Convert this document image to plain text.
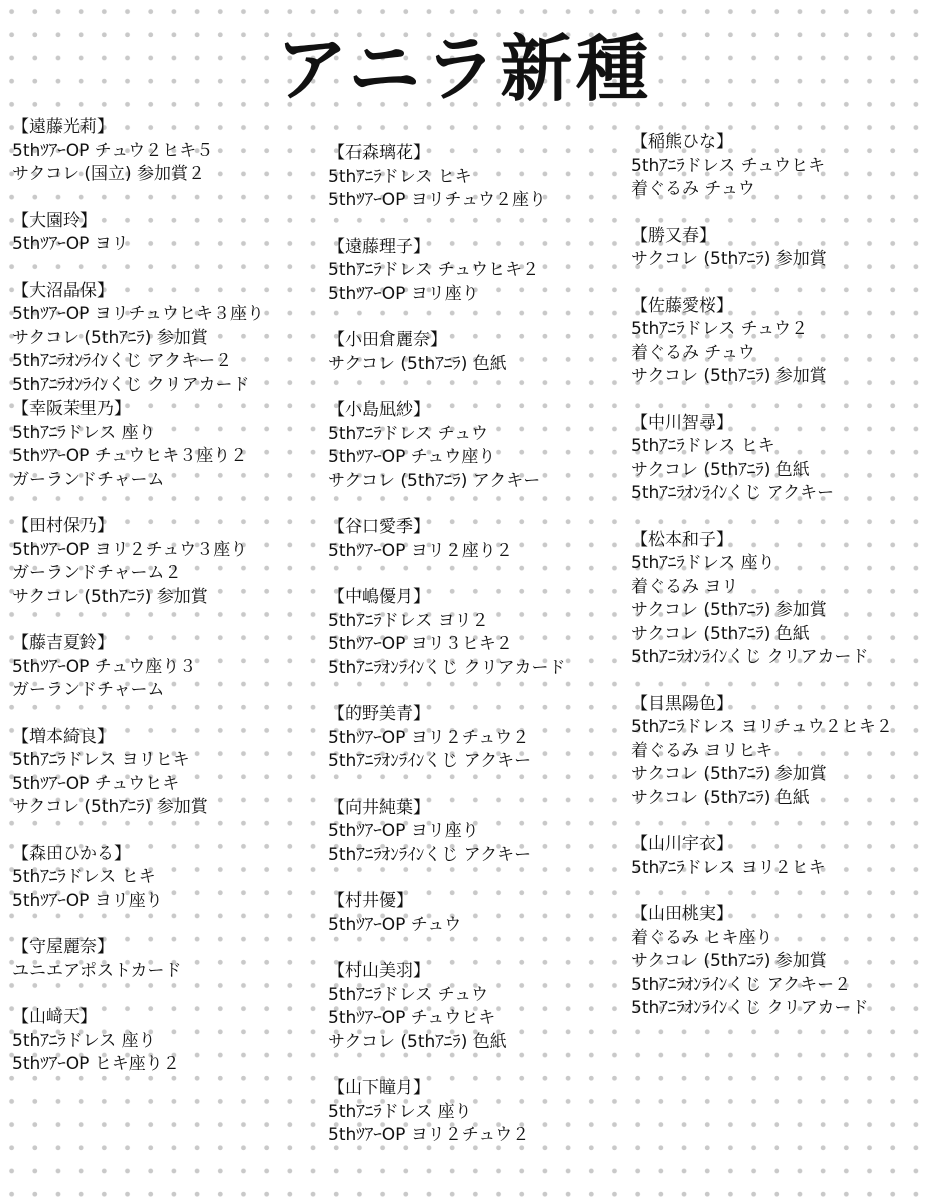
アニラ新種
【遠藤光莉】
5thﾂｱｰOP チュウ２ヒキ５
サクコレ (国立) 参加賞２
【大園玲】
5thﾂｱｰOP ヨリ
【大沼晶保】
5thﾂｱｰOP ヨリチュウヒキ３座り
サクコレ (5thｱﾆﾗ) 参加賞
5thｱﾆﾗｵﾝﾗｲﾝくじ アクキー２
5thｱﾆﾗｵﾝﾗｲﾝくじ クリアカード
【幸阪茉里乃】
5thｱﾆﾗドレス 座り
5thﾂｱｰOP チュウヒキ３座り２
ガーランドチャーム
【田村保乃】
5thﾂｱｰOP ヨリ２チュウ３座り
ガーランドチャーム２
サクコレ (5thｱﾆﾗ) 参加賞
【藤吉夏鈴】
5thﾂｱｰOP チュウ座り３
ガーランドチャーム
【増本綺良】
5thｱﾆﾗドレス ヨリヒキ
5thﾂｱｰOP チュウヒキ
サクコレ (5thｱﾆﾗ) 参加賞
【森田ひかる】
5thｱﾆﾗドレス ヒキ
5thﾂｱｰOP ヨリ座り
【守屋麗奈】
ユニエアポストカード
【山﨑天】
5thｱﾆﾗドレス 座り
5thﾂｱｰOP ヒキ座り２
【石森璃花】
5thｱﾆﾗドレス ヒキ
5thﾂｱｰOP ヨリチュウ２座り
【遠藤理子】
5thｱﾆﾗドレス チュウヒキ２
5thﾂｱｰOP ヨリ座り
【小田倉麗奈】
サクコレ (5thｱﾆﾗ) 色紙
【小島凪紗】
5thｱﾆﾗドレス チュウ
5thﾂｱｰOP チュウ座り
サクコレ (5thｱﾆﾗ) アクキー
【谷口愛季】
5thﾂｱｰOP ヨリ２座り２
【中嶋優月】
5thｱﾆﾗドレス ヨリ２
5thﾂｱｰOP ヨリ３ヒキ２
5thｱﾆﾗｵﾝﾗｲﾝくじ クリアカード
【的野美青】
5thﾂｱｰOP ヨリ２チュウ２
5thｱﾆﾗｵﾝﾗｲﾝくじ アクキー
【向井純葉】
5thﾂｱｰOP ヨリ座り
5thｱﾆﾗｵﾝﾗｲﾝくじ アクキー
【村井優】
5thﾂｱｰOP チュウ
【村山美羽】
5thｱﾆﾗドレス チュウ
5thﾂｱｰOP チュウヒキ
サクコレ (5thｱﾆﾗ) 色紙
【山下瞳月】
5thｱﾆﾗドレス 座り
5thﾂｱｰOP ヨリ２チュウ２
【稲熊ひな】
5thｱﾆﾗドレス チュウヒキ
着ぐるみ チュウ
【勝又春】
サクコレ (5thｱﾆﾗ) 参加賞
【佐藤愛桜】
5thｱﾆﾗドレス チュウ２
着ぐるみ チュウ
サクコレ (5thｱﾆﾗ) 参加賞
【中川智尋】
5thｱﾆﾗドレス ヒキ
サクコレ (5thｱﾆﾗ) 色紙
5thｱﾆﾗｵﾝﾗｲﾝくじ アクキー
【松本和子】
5thｱﾆﾗドレス 座り
着ぐるみ ヨリ
サクコレ (5thｱﾆﾗ) 参加賞
サクコレ (5thｱﾆﾗ) 色紙
5thｱﾆﾗｵﾝﾗｲﾝくじ クリアカード
【目黒陽色】
5thｱﾆﾗドレス ヨリチュウ２ヒキ２
着ぐるみ ヨリヒキ
サクコレ (5thｱﾆﾗ) 参加賞
サクコレ (5thｱﾆﾗ) 色紙
【山川宇衣】
5thｱﾆﾗドレス ヨリ２ヒキ
【山田桃実】
着ぐるみ ヒキ座り
サクコレ (5thｱﾆﾗ) 参加賞
5thｱﾆﾗｵﾝﾗｲﾝくじ アクキー２
5thｱﾆﾗｵﾝﾗｲﾝくじ クリアカード
